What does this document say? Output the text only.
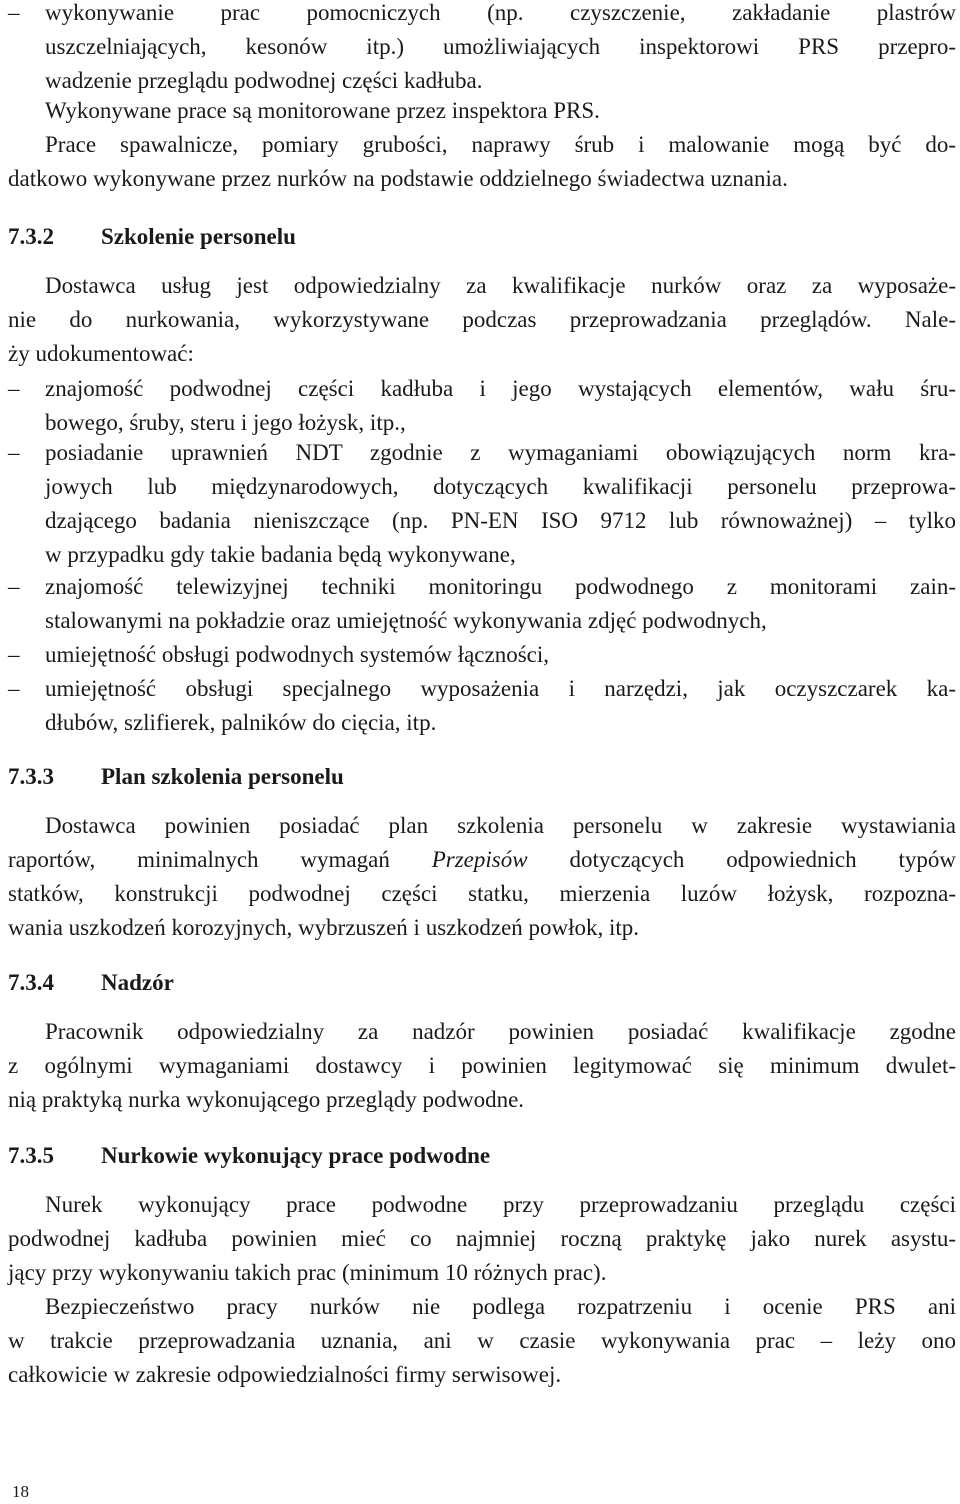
–	wykonywanie prac pomocniczych (np. czyszczenie, zakładanie plastrów
uszczelniających, kesonów itp.) umożliwiających inspektorowi PRS przepro-
wadzenie przeglądu podwodnej części kadłuba.
Wykonywane prace są monitorowane przez inspektora PRS.
Prace spawalnicze, pomiary grubości, naprawy śrub i malowanie mogą być do-
datkowo wykonywane przez nurków na podstawie oddzielnego świadectwa uznania.
7.3.2 Szkolenie personelu
Dostawca usług jest odpowiedzialny za kwalifikacje nurków oraz za wyposaże-
nie do nurkowania, wykorzystywane podczas przeprowadzania przeglądów. Nale-
ży udokumentować:
–	znajomość podwodnej części kadłuba i jego wystających elementów, wału śru-
bowego, śruby, steru i jego łożysk, itp.,
–	posiadanie uprawnień NDT zgodnie z wymaganiami obowiązujących norm kra-
jowych lub międzynarodowych, dotyczących kwalifikacji personelu przeprowa-
dzającego badania nieniszczące (np. PN-EN ISO 9712 lub równoważnej) – tylko
w przypadku gdy takie badania będą wykonywane,
–	znajomość telewizyjnej techniki monitoringu podwodnego z monitorami zain-
stalowanymi na pokładzie oraz umiejętność wykonywania zdjęć podwodnych,
–	umiejętność obsługi podwodnych systemów łączności,
–	umiejętność obsługi specjalnego wyposażenia i narzędzi, jak oczyszczarek ka-
dłubów, szlifierek, palników do cięcia, itp.
7.3.3 Plan szkolenia personelu
Dostawca powinien posiadać plan szkolenia personelu w zakresie wystawiania
raportów, minimalnych wymagań Przepisów dotyczących odpowiednich typów
statków, konstrukcji podwodnej części statku, mierzenia luzów łożysk, rozpozna-
wania uszkodzeń korozyjnych, wybrzuszeń i uszkodzeń powłok, itp.
7.3.4 Nadzór
Pracownik odpowiedzialny za nadzór powinien posiadać kwalifikacje zgodne
z ogólnymi wymaganiami dostawcy i powinien legitymować się minimum dwulet-
nią praktyką nurka wykonującego przeglądy podwodne.
7.3.5 Nurkowie wykonujący prace podwodne
Nurek wykonujący prace podwodne przy przeprowadzaniu przeglądu części
podwodnej kadłuba powinien mieć co najmniej roczną praktykę jako nurek asystu-
jący przy wykonywaniu takich prac (minimum 10 różnych prac).
Bezpieczeństwo pracy nurków nie podlega rozpatrzeniu i ocenie PRS ani
w trakcie przeprowadzania uznania, ani w czasie wykonywania prac – leży ono
całkowicie w zakresie odpowiedzialności firmy serwisowej.
18
